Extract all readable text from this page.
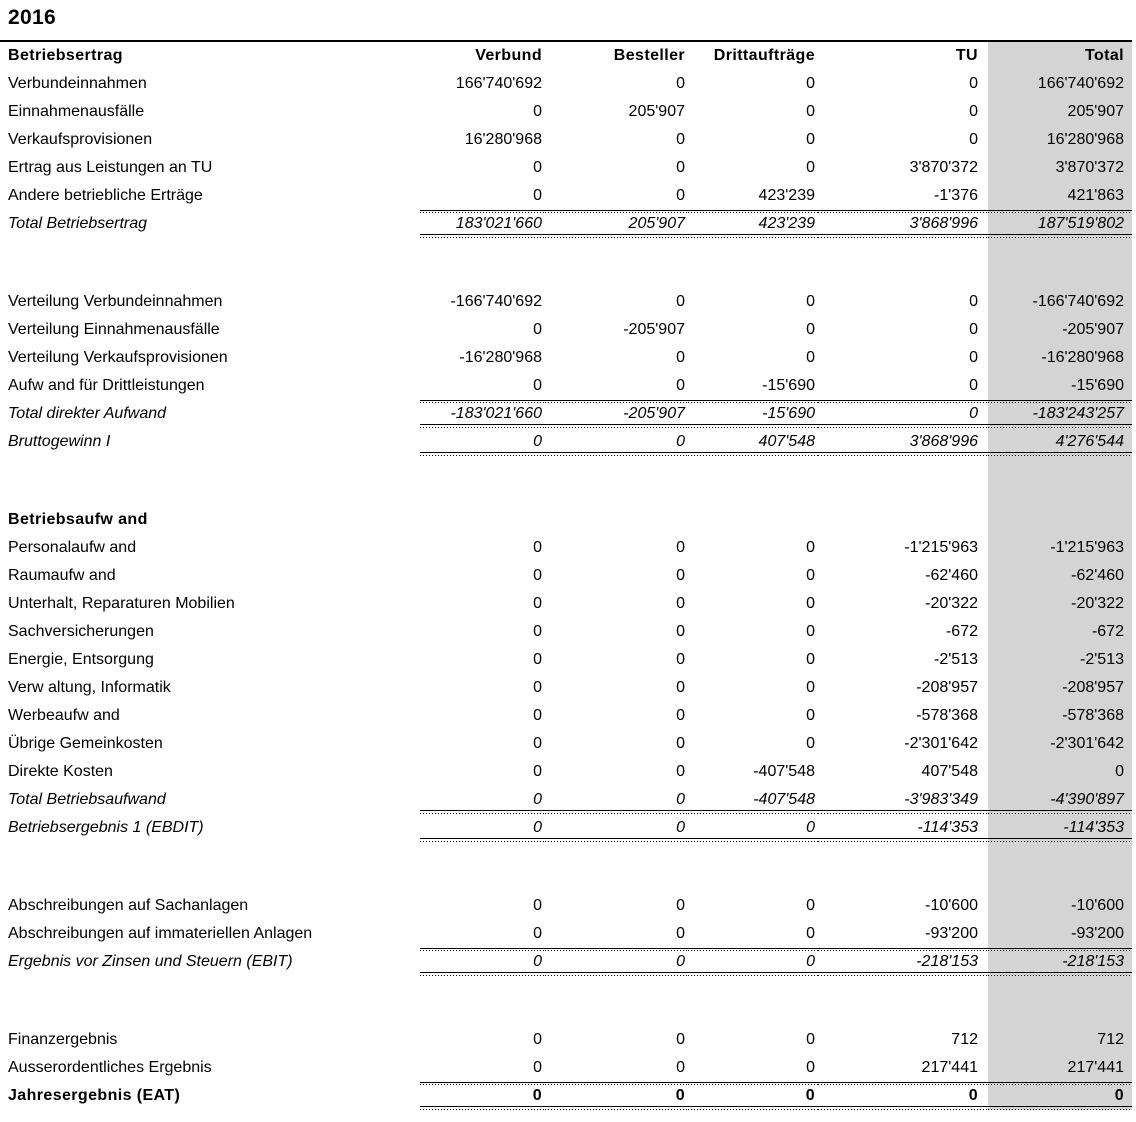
2016
Betriebsertrag	Verbund	Besteller	Drittaufträge	TU	Total
Verbundeinnahmen	166'740'692	0	0	0	166'740'692
Einnahmenausfälle	0	205'907	0	0	205'907
Verkaufsprovisionen	16'280'968	0	0	0	16'280'968
Ertrag aus Leistungen an TU	0	0	0	3'870'372	3'870'372
Andere betriebliche Erträge	0	0	423'239	-1'376	421'863
Total Betriebsertrag	183'021'660	205'907	423'239	3'868'996	187'519'802

Verteilung Verbundeinnahmen	-166'740'692	0	0	0	-166'740'692
Verteilung Einnahmenausfälle	0	-205'907	0	0	-205'907
Verteilung Verkaufsprovisionen	-16'280'968	0	0	0	-16'280'968
Aufw and für Drittleistungen	0	0	-15'690	0	-15'690
Total direkter Aufwand	-183'021'660	-205'907	-15'690	0	-183'243'257
Bruttogewinn I	0	0	407'548	3'868'996	4'276'544

Betriebsaufw and					
Personalaufw and	0	0	0	-1'215'963	-1'215'963
Raumaufw and	0	0	0	-62'460	-62'460
Unterhalt, Reparaturen Mobilien	0	0	0	-20'322	-20'322
Sachversicherungen	0	0	0	-672	-672
Energie, Entsorgung	0	0	0	-2'513	-2'513
Verw altung, Informatik	0	0	0	-208'957	-208'957
Werbeaufw and	0	0	0	-578'368	-578'368
Übrige Gemeinkosten	0	0	0	-2'301'642	-2'301'642
Direkte Kosten	0	0	-407'548	407'548	0
Total Betriebsaufwand	0	0	-407'548	-3'983'349	-4'390'897
Betriebsergebnis 1 (EBDIT)	0	0	0	-114'353	-114'353

Abschreibungen auf Sachanlagen	0	0	0	-10'600	-10'600
Abschreibungen auf immateriellen Anlagen	0	0	0	-93'200	-93'200
Ergebnis vor Zinsen und Steuern (EBIT)	0	0	0	-218'153	-218'153

Finanzergebnis	0	0	0	712	712
Ausserordentliches Ergebnis	0	0	0	217'441	217'441
Jahresergebnis (EAT)	0	0	0	0	0
